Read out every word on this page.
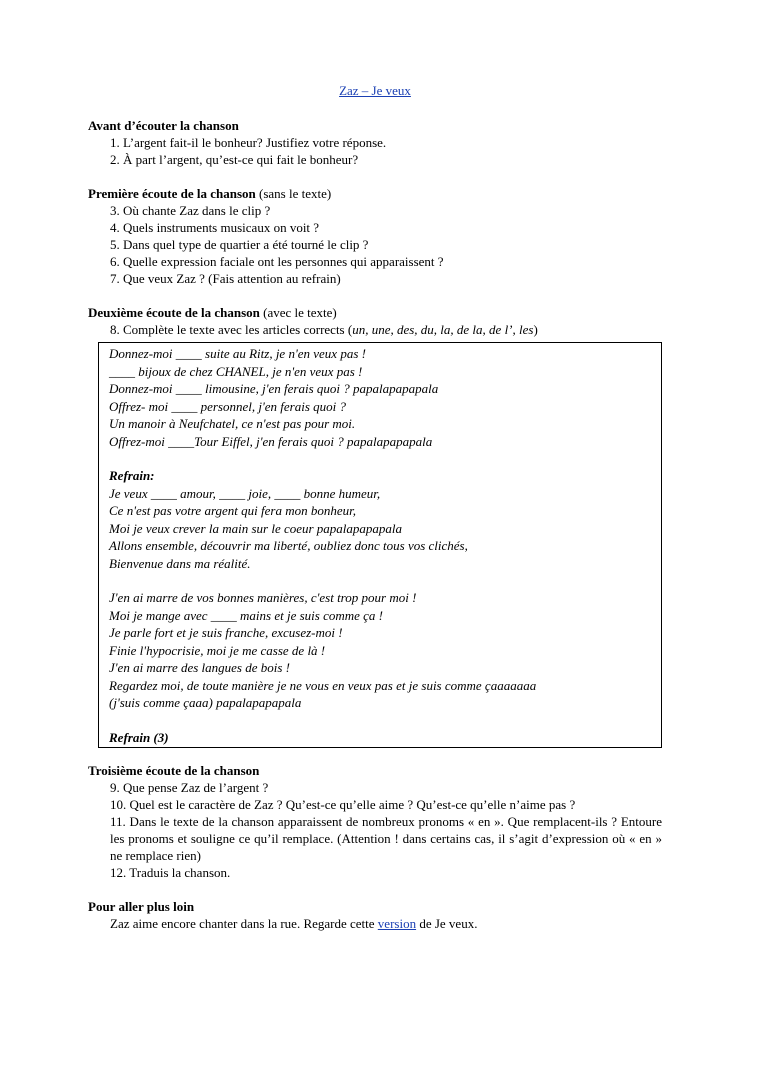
Zaz – Je veux
Avant d’écouter la chanson
1. L’argent fait-il le bonheur? Justifiez votre réponse.
2. À part l’argent, qu’est-ce qui fait le bonheur?
Première écoute de la chanson (sans le texte)
3. Où chante Zaz dans le clip ?
4. Quels instruments musicaux on voit ?
5. Dans quel type de quartier a été tourné le clip ?
6. Quelle expression faciale ont les personnes qui apparaissent ?
7. Que veux Zaz ? (Fais attention au refrain)
Deuxième écoute de la chanson (avec le texte)
8. Complète le texte avec les articles corrects (un, une, des, du, la, de la, de l’, les)
Donnez-moi ____ suite au Ritz, je n'en veux pas !
____ bijoux de chez CHANEL, je n'en veux pas !
Donnez-moi ____ limousine, j'en ferais quoi ? papalapapapala
Offrez- moi ____ personnel, j'en ferais quoi ?
Un manoir à Neufchatel, ce n'est pas pour moi.
Offrez-moi ____Tour Eiffel, j'en ferais quoi ? papalapapapala
Refrain:
Je veux ____ amour, ____ joie, ____ bonne humeur,
Ce n'est pas votre argent qui fera mon bonheur,
Moi je veux crever la main sur le coeur papalapapapala
Allons ensemble, découvrir ma liberté, oubliez donc tous vos clichés,
Bienvenue dans ma réalité.
J'en ai marre de vos bonnes manières, c'est trop pour moi !
Moi je mange avec ____ mains et je suis comme ça !
Je parle fort et je suis franche, excusez-moi !
Finie l'hypocrisie, moi je me casse de là !
J'en ai marre des langues de bois !
Regardez moi, de toute manière je ne vous en veux pas et je suis comme çaaaaaaa
(j'suis comme çaaa) papalapapapala
Refrain (3)
Troisième écoute de la chanson
9. Que pense Zaz de l’argent ?
10. Quel est le caractère de Zaz ? Qu’est-ce qu’elle aime ? Qu’est-ce qu’elle n’aime pas ?
11. Dans le texte de la chanson apparaissent de nombreux pronoms « en ». Que remplacent-ils ? Entoure les pronoms et souligne ce qu’il remplace. (Attention ! dans certains cas, il s’agit d’expression où « en » ne remplace rien)
12. Traduis la chanson.
Pour aller plus loin
Zaz aime encore chanter dans la rue. Regarde cette version de Je veux.
